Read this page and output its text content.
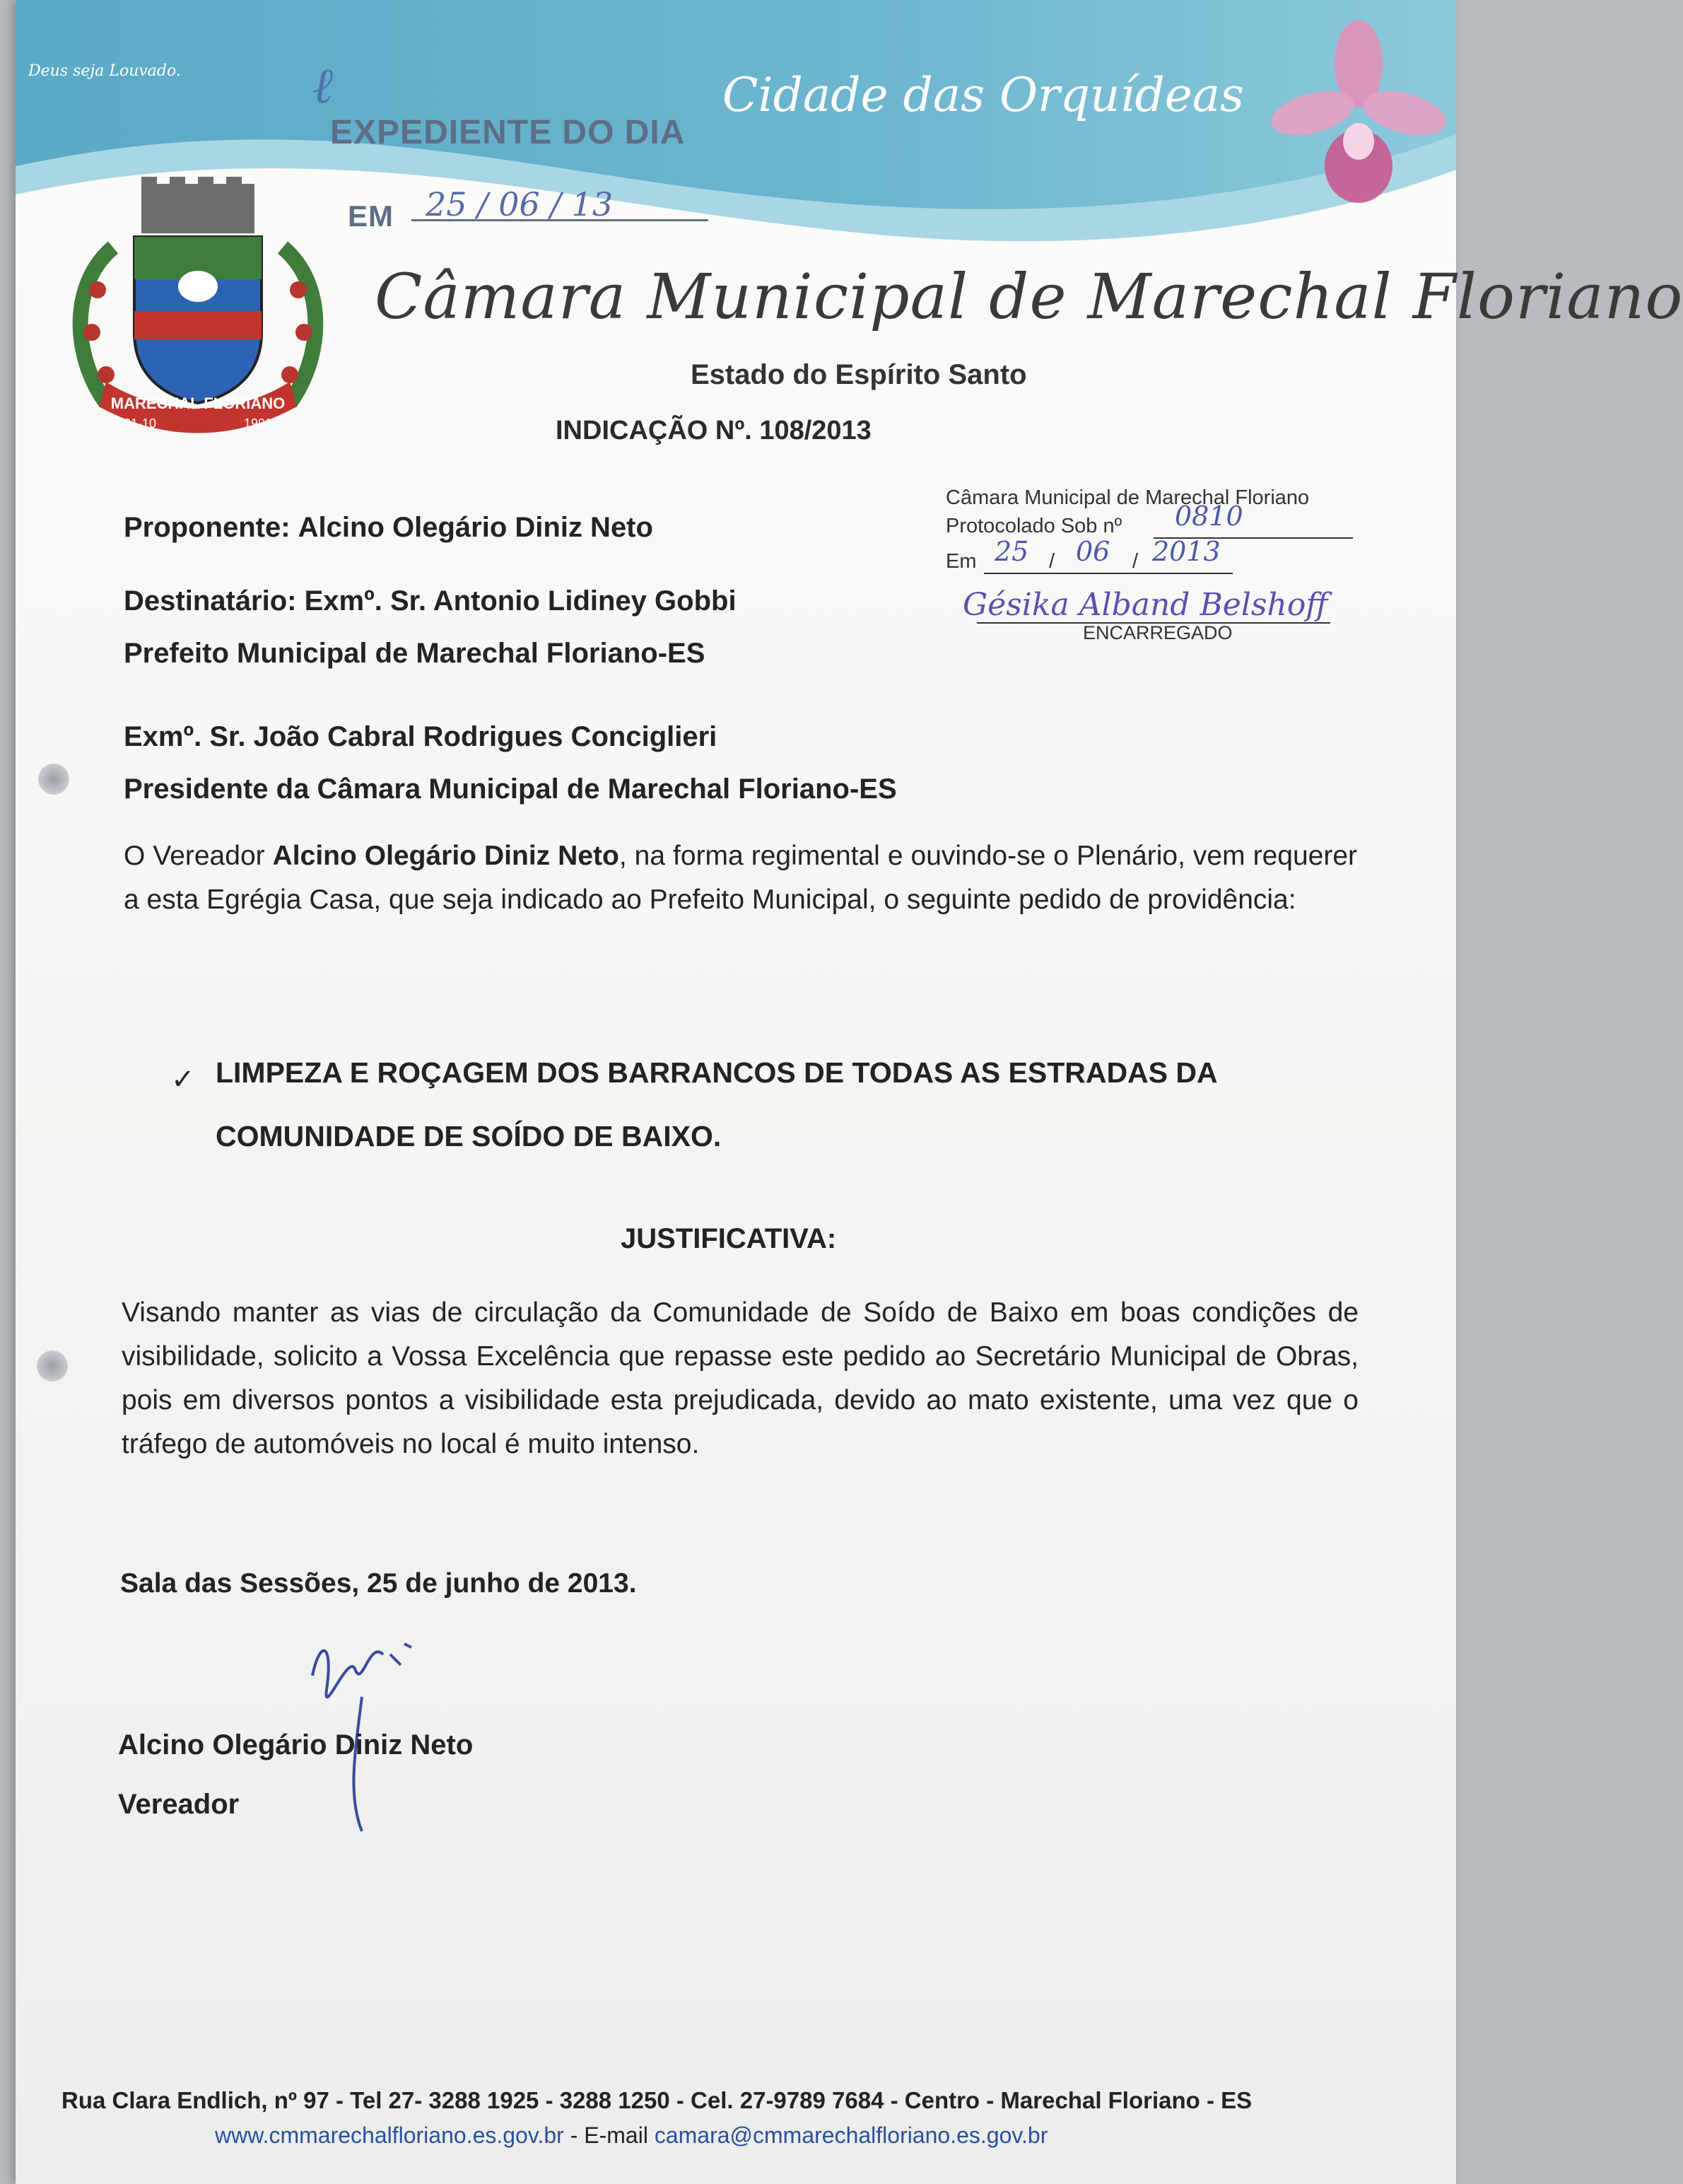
Deus seja Louvado.	Cidade das Orquídeas
ℓ
EXPEDIENTE DO DIA
EM 25 / 06 / 13
MARECHAL FLORIANO
31-10	1991
Câmara Municipal de Marechal Floriano
Estado do Espírito Santo
INDICAÇÃO Nº. 108/2013
Câmara Municipal de Marechal Floriano
Protocolado Sob nº 0810
Em 25 / 06 / 2013
Gésika Alband Belshoff
ENCARREGADO
Proponente: Alcino Olegário Diniz Neto
Destinatário: Exmº. Sr. Antonio Lidiney Gobbi
Prefeito Municipal de Marechal Floriano-ES
Exmº. Sr. João Cabral Rodrigues Conciglieri
Presidente da Câmara Municipal de Marechal Floriano-ES

O Vereador Alcino Olegário Diniz Neto, na forma regimental e ouvindo-se o Plenário, vem requerer a esta Egrégia Casa, que seja indicado ao Prefeito Municipal, o seguinte pedido de providência:

✓ LIMPEZA E ROÇAGEM DOS BARRANCOS DE TODAS AS ESTRADAS DA
COMUNIDADE DE SOÍDO DE BAIXO.
JUSTIFICATIVA:

Visando manter as vias de circulação da Comunidade de Soído de Baixo em boas condições de visibilidade, solicito a Vossa Excelência que repasse este pedido ao Secretário Municipal de Obras, pois em diversos pontos a visibilidade esta prejudicada, devido ao mato existente, uma vez que o tráfego de automóveis no local é muito intenso.

Sala das Sessões, 25 de junho de 2013.
Alcino Olegário Diniz Neto
Vereador
Rua Clara Endlich, nº 97 - Tel 27- 3288 1925 - 3288 1250 - Cel. 27-9789 7684 - Centro - Marechal Floriano - ES
www.cmmarechalfloriano.es.gov.br - E-mail camara@cmmarechalfloriano.es.gov.br
